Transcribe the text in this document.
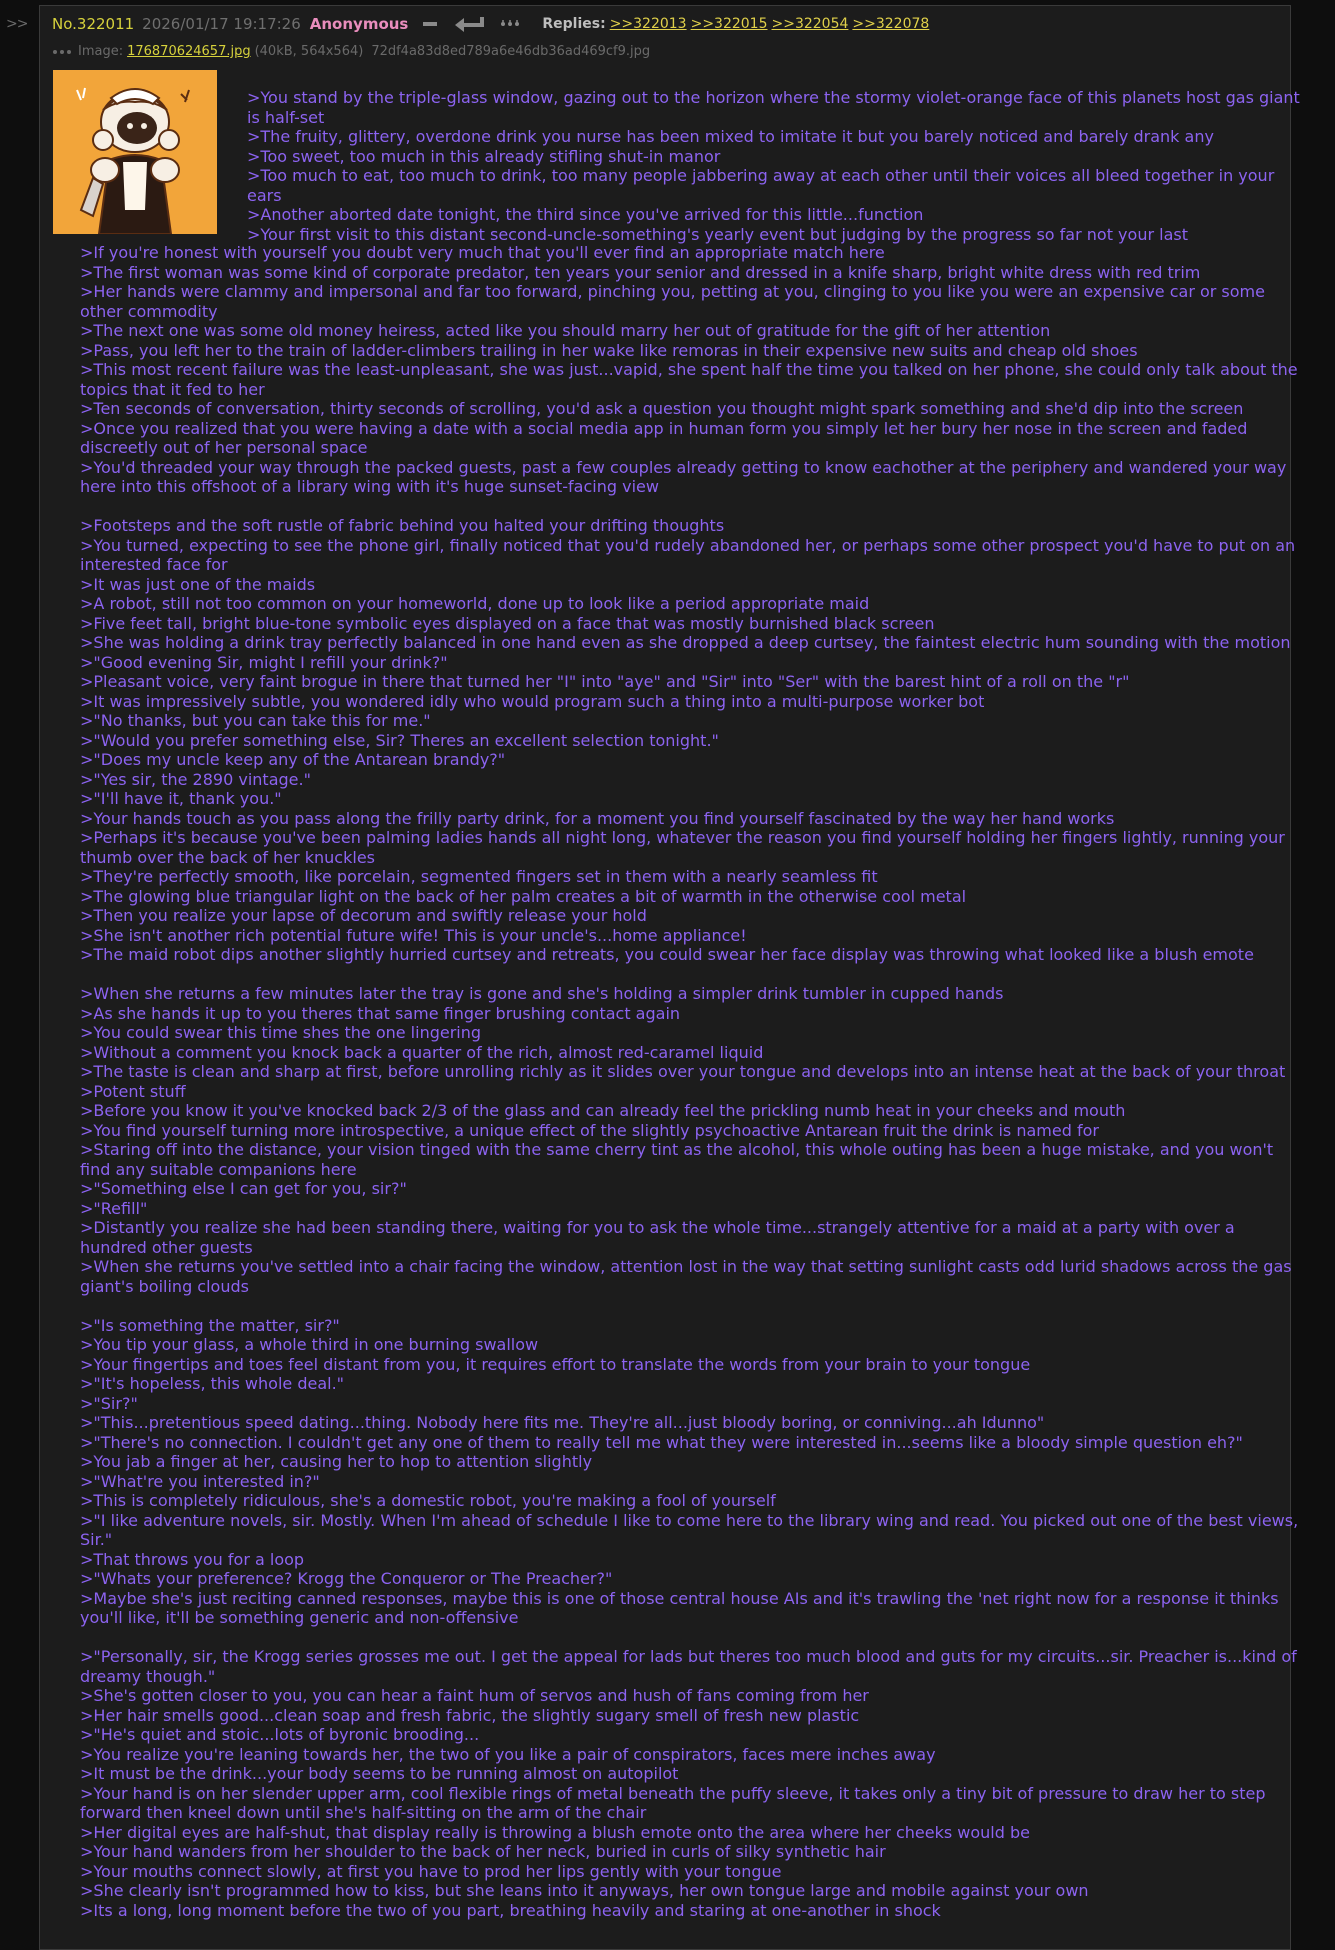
>> No.322011 2026/01/17 19:17:26 Anonymous	Replies: >>322013 >>322015 >>322054 >>322078
Image: 176870624657.jpg (40kB, 564x564) 72df4a83d8ed789a6e46db36ad469cf9.jpg

>You stand by the triple-glass window, gazing out to the horizon where the stormy violet-orange face of this planets host gas giant is half-set

>The fruity, glittery, overdone drink you nurse has been mixed to imitate it but you barely noticed and barely drank any

>Too sweet, too much in this already stifling shut-in manor

>Too much to eat, too much to drink, too many people jabbering away at each other until their voices all bleed together in your ears

>Another aborted date tonight, the third since you've arrived for this little...function

>Your first visit to this distant second-uncle-something's yearly event but judging by the progress so far not your last

>If you're honest with yourself you doubt very much that you'll ever find an appropriate match here

>The first woman was some kind of corporate predator, ten years your senior and dressed in a knife sharp, bright white dress with red trim

>Her hands were clammy and impersonal and far too forward, pinching you, petting at you, clinging to you like you were an expensive car or some other commodity

>The next one was some old money heiress, acted like you should marry her out of gratitude for the gift of her attention

>Pass, you left her to the train of ladder-climbers trailing in her wake like remoras in their expensive new suits and cheap old shoes

>This most recent failure was the least-unpleasant, she was just...vapid, she spent half the time you talked on her phone, she could only talk about the topics that it fed to her

>Ten seconds of conversation, thirty seconds of scrolling, you'd ask a question you thought might spark something and she'd dip into the screen

>Once you realized that you were having a date with a social media app in human form you simply let her bury her nose in the screen and faded discreetly out of her personal space

>You'd threaded your way through the packed guests, past a few couples already getting to know eachother at the periphery and wandered your way here into this offshoot of a library wing with it's huge sunset-facing view

>Footsteps and the soft rustle of fabric behind you halted your drifting thoughts

>You turned, expecting to see the phone girl, finally noticed that you'd rudely abandoned her, or perhaps some other prospect you'd have to put on an interested face for

>It was just one of the maids

>A robot, still not too common on your homeworld, done up to look like a period appropriate maid

>Five feet tall, bright blue-tone symbolic eyes displayed on a face that was mostly burnished black screen

>She was holding a drink tray perfectly balanced in one hand even as she dropped a deep curtsey, the faintest electric hum sounding with the motion

>"Good evening Sir, might I refill your drink?"

>Pleasant voice, very faint brogue in there that turned her "I" into "aye" and "Sir" into "Ser" with the barest hint of a roll on the "r"

>It was impressively subtle, you wondered idly who would program such a thing into a multi-purpose worker bot

>"No thanks, but you can take this for me."

>"Would you prefer something else, Sir? Theres an excellent selection tonight."

>"Does my uncle keep any of the Antarean brandy?"

>"Yes sir, the 2890 vintage."

>"I'll have it, thank you."

>Your hands touch as you pass along the frilly party drink, for a moment you find yourself fascinated by the way her hand works

>Perhaps it's because you've been palming ladies hands all night long, whatever the reason you find yourself holding her fingers lightly, running your thumb over the back of her knuckles

>They're perfectly smooth, like porcelain, segmented fingers set in them with a nearly seamless fit

>The glowing blue triangular light on the back of her palm creates a bit of warmth in the otherwise cool metal

>Then you realize your lapse of decorum and swiftly release your hold

>She isn't another rich potential future wife! This is your uncle's...home appliance!

>The maid robot dips another slightly hurried curtsey and retreats, you could swear her face display was throwing what looked like a blush emote

>When she returns a few minutes later the tray is gone and she's holding a simpler drink tumbler in cupped hands

>As she hands it up to you theres that same finger brushing contact again

>You could swear this time shes the one lingering

>Without a comment you knock back a quarter of the rich, almost red-caramel liquid

>The taste is clean and sharp at first, before unrolling richly as it slides over your tongue and develops into an intense heat at the back of your throat

>Potent stuff

>Before you know it you've knocked back 2/3 of the glass and can already feel the prickling numb heat in your cheeks and mouth

>You find yourself turning more introspective, a unique effect of the slightly psychoactive Antarean fruit the drink is named for

>Staring off into the distance, your vision tinged with the same cherry tint as the alcohol, this whole outing has been a huge mistake, and you won't find any suitable companions here

>"Something else I can get for you, sir?"

>"Refill"

>Distantly you realize she had been standing there, waiting for you to ask the whole time...strangely attentive for a maid at a party with over a hundred other guests

>When she returns you've settled into a chair facing the window, attention lost in the way that setting sunlight casts odd lurid shadows across the gas giant's boiling clouds

>"Is something the matter, sir?"

>You tip your glass, a whole third in one burning swallow

>Your fingertips and toes feel distant from you, it requires effort to translate the words from your brain to your tongue

>"It's hopeless, this whole deal."

>"Sir?"

>"This...pretentious speed dating...thing. Nobody here fits me. They're all...just bloody boring, or conniving...ah Idunno"

>"There's no connection. I couldn't get any one of them to really tell me what they were interested in...seems like a bloody simple question eh?"

>You jab a finger at her, causing her to hop to attention slightly

>"What're you interested in?"

>This is completely ridiculous, she's a domestic robot, you're making a fool of yourself

>"I like adventure novels, sir. Mostly. When I'm ahead of schedule I like to come here to the library wing and read. You picked out one of the best views, Sir."

>That throws you for a loop

>"Whats your preference? Krogg the Conqueror or The Preacher?"

>Maybe she's just reciting canned responses, maybe this is one of those central house AIs and it's trawling the 'net right now for a response it thinks you'll like, it'll be something generic and non-offensive

>"Personally, sir, the Krogg series grosses me out. I get the appeal for lads but theres too much blood and guts for my circuits...sir. Preacher is...kind of dreamy though."

>She's gotten closer to you, you can hear a faint hum of servos and hush of fans coming from her

>Her hair smells good...clean soap and fresh fabric, the slightly sugary smell of fresh new plastic

>"He's quiet and stoic...lots of byronic brooding...

>You realize you're leaning towards her, the two of you like a pair of conspirators, faces mere inches away

>It must be the drink...your body seems to be running almost on autopilot

>Your hand is on her slender upper arm, cool flexible rings of metal beneath the puffy sleeve, it takes only a tiny bit of pressure to draw her to step forward then kneel down until she's half-sitting on the arm of the chair

>Her digital eyes are half-shut, that display really is throwing a blush emote onto the area where her cheeks would be

>Your hand wanders from her shoulder to the back of her neck, buried in curls of silky synthetic hair

>Your mouths connect slowly, at first you have to prod her lips gently with your tongue

>She clearly isn't programmed how to kiss, but she leans into it anyways, her own tongue large and mobile against your own

>Its a long, long moment before the two of you part, breathing heavily and staring at one-another in shock
